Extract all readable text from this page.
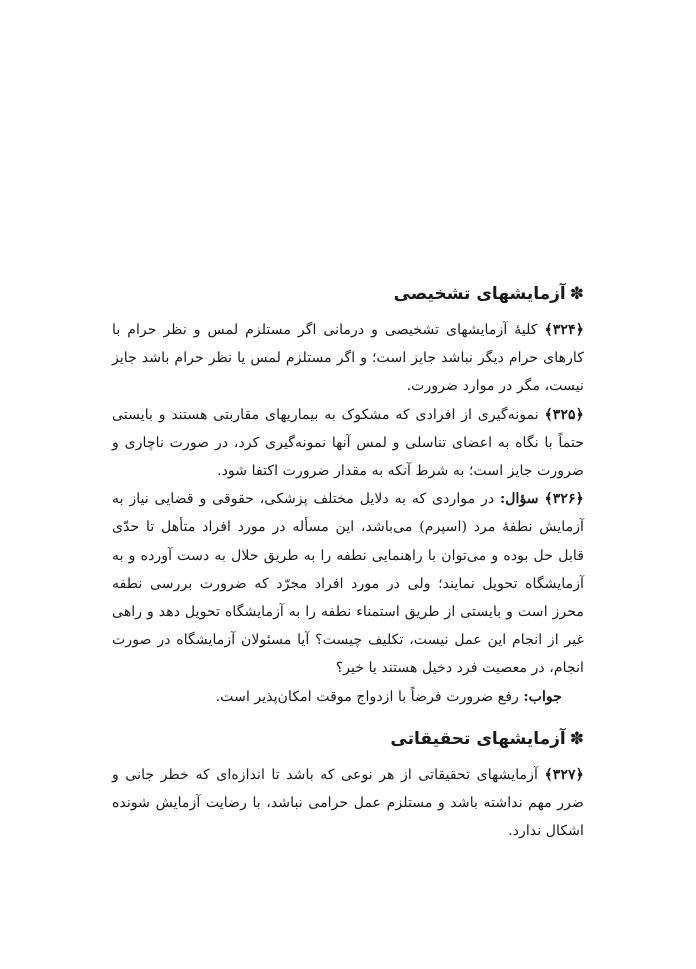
✽آزمایشهای تشخیصی

﴿۳۲۴﴾ کلیهٔ آزمایشهای تشخیصی و درمانی اگر مستلزم لمس و نظر حرام با کارهای حرام دیگر نباشد جایز است؛ و اگر مستلزم لمس یا نظر حرام باشد جایز نیست، مگر در موارد ضرورت.

﴿۳۲۵﴾ نمونه‌گیری از افرادی که مشکوک به بیماریهای مقاربتی هستند و بایستی حتماً با نگاه به اعضای تناسلی و لمس آنها نمونه‌گیری کرد، در صورت ناچاری و ضرورت جایز است؛ به شرط آنکه به مقدار ضرورت اکتفا شود.

﴿۳۲۶﴾ سؤال: در مواردی که به دلایل مختلف پزشکی، حقوقی و قضایی نیاز به آزمایش نطفهٔ مرد (اسپرم) می‌باشد، این مسأله در مورد افراد متأهل تا حدّی قابل حل بوده و می‌توان با راهنمایی نطفه را به طریق حلال به دست آورده و به آزمایشگاه تحویل نمایند؛ ولی در مورد افراد مجرّد که ضرورت بررسی نطفه محرز است و بایستی از طریق استمناء نطفه را به آزمایشگاه تحویل دهد و راهی غیر از انجام این عمل نیست، تکلیف چیست؟ آیا مسئولان آزمایشگاه در صورت انجام، در معصیت فرد دخیل هستند یا خیر؟

جواب: رفع ضرورت فرضاً با ازدواج موقت امکان‌پذیر است.

✽آزمایشهای تحقیقاتی

﴿۳۲۷﴾ آزمایشهای تحقیقاتی از هر نوعی که باشد تا اندازه‌ای که خطر جانی و ضرر مهم نداشته باشد و مستلزم عمل حرامی نباشد، با رضایت آزمایش شونده اشکال ندارد.
